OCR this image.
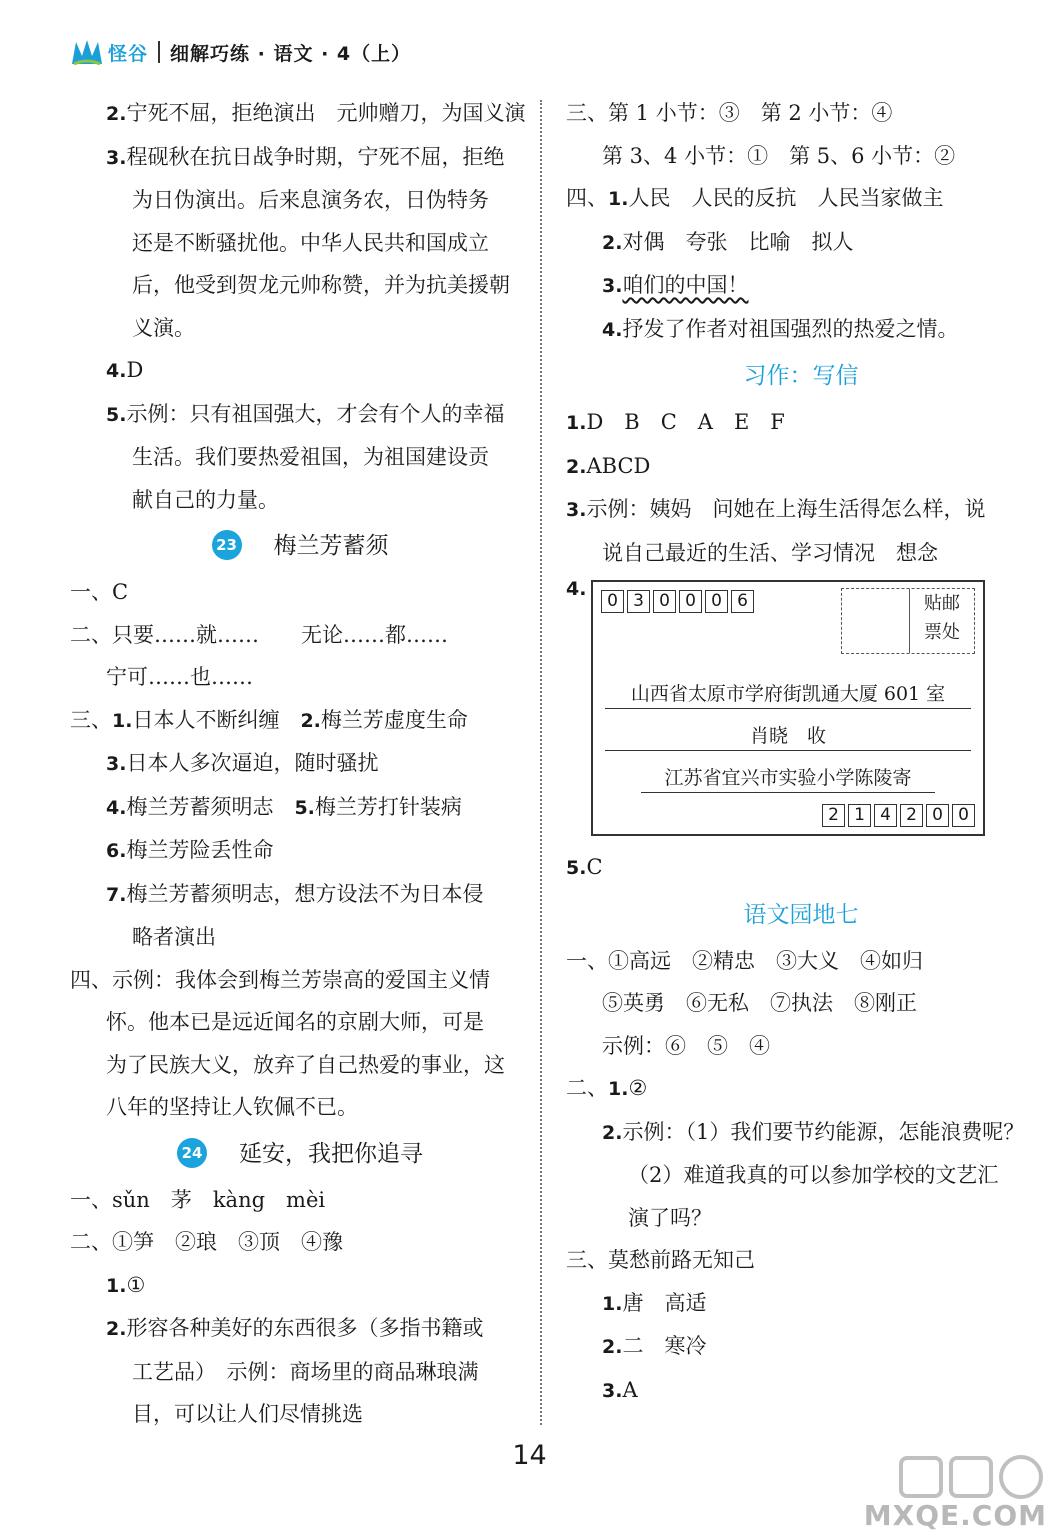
怪谷 细解巧练 · 语文 · 4（上）
2.宁死不屈，拒绝演出　元帅赠刀，为国义演
3.程砚秋在抗日战争时期，宁死不屈，拒绝
为日伪演出。后来息演务农，日伪特务
还是不断骚扰他。中华人民共和国成立
后，他受到贺龙元帅称赞，并为抗美援朝
义演。
4.D
5.示例：只有祖国强大，才会有个人的幸福
生活。我们要热爱祖国，为祖国建设贡
献自己的力量。
23 梅兰芳蓄须
一、C
二、只要……就……　　无论……都……
宁可……也……
三、1.日本人不断纠缠　2.梅兰芳虚度生命
3.日本人多次逼迫，随时骚扰
4.梅兰芳蓄须明志　5.梅兰芳打针装病
6.梅兰芳险丢性命
7.梅兰芳蓄须明志，想方设法不为日本侵
略者演出
四、示例：我体会到梅兰芳崇高的爱国主义情
怀。他本已是远近闻名的京剧大师，可是
为了民族大义，放弃了自己热爱的事业，这
八年的坚持让人钦佩不已。
24 延安，我把你追寻
一、sǔn　茅　kàng　mèi
二、①笋　②琅　③顶　④豫
1.①
2.形容各种美好的东西很多（多指书籍或
工艺品）　示例：商场里的商品琳琅满
目，可以让人们尽情挑选
三、第 1 小节：③　第 2 小节：④
第 3、4 小节：①　第 5、6 小节：②
四、1.人民　人民的反抗　人民当家做主
2.对偶　夸张　比喻　拟人
3.咱们的中国！
4.抒发了作者对祖国强烈的热爱之情。
习作：写信
1.D　B　C　A　E　F
2.ABCD
3.示例：姨妈　问她在上海生活得怎么样，说
说自己最近的生活、学习情况　想念
4.
0 3 0 0 0 6	贴邮
票处
山西省太原市学府街凯通大厦 601 室
肖晓　收
江苏省宜兴市实验小学陈陵寄
2 1 4 2 0 0
5.C
语文园地七
一、①高远　②精忠　③大义　④如归
⑤英勇　⑥无私　⑦执法　⑧刚正
示例：⑥　⑤　④
二、1.②
2.示例：（1）我们要节约能源，怎能浪费呢？
（2）难道我真的可以参加学校的文艺汇
演了吗？
三、莫愁前路无知己
1.唐　高适
2.二　寒冷
3.A
14
MXQE.COM
